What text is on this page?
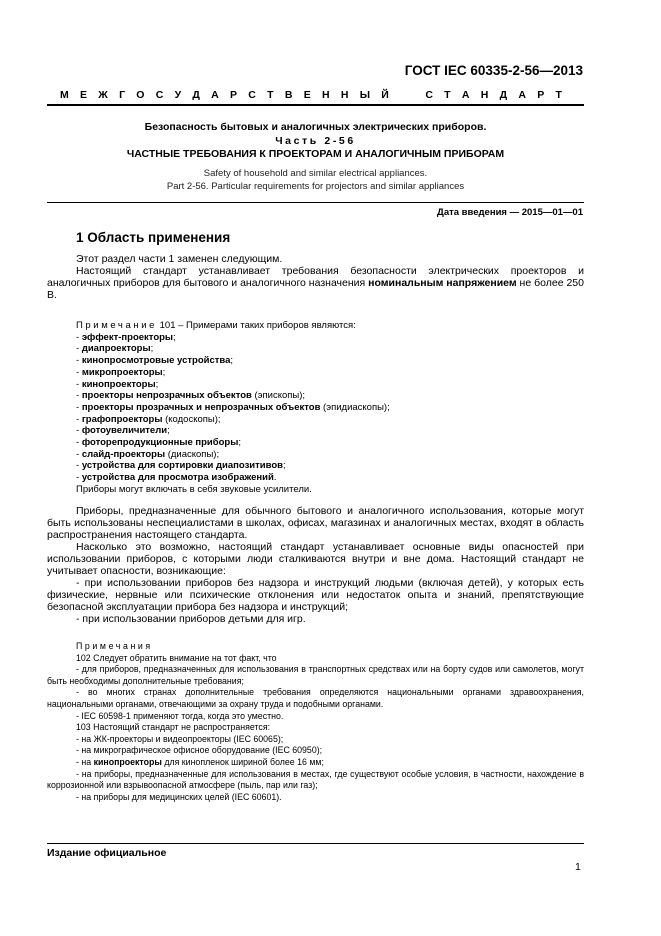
ГОСТ IEC 60335-2-56—2013
М Е Ж Г О С У Д А Р С Т В Е Н Н Ы Й	С Т А Н Д А Р Т
Безопасность бытовых и аналогичных электрических приборов.
Часть 2-56
ЧАСТНЫЕ ТРЕБОВАНИЯ К ПРОЕКТОРАМ И АНАЛОГИЧНЫМ ПРИБОРАМ
Safety of household and similar electrical appliances.
Part 2-56. Particular requirements for projectors and similar appliances
Дата введения — 2015—01—01
1 Область применения

Этот раздел части 1 заменен следующим.

Настоящий стандарт устанавливает требования безопасности электрических проекторов и аналогичных приборов для бытового и аналогичного назначения номинальным напряжением не более 250 В.

Примечание 101 – Примерами таких приборов являются:

- эффект-проекторы;

- диапроекторы;

- кинопросмотровые устройства;

- микропроекторы;

- кинопроекторы;

- проекторы непрозрачных объектов (эпископы);

- проекторы прозрачных и непрозрачных объектов (эпидиаскопы);

- графопроекторы (кодоскопы);

- фотоувеличители;

- фоторепродукционные приборы;

- слайд-проекторы (диаскопы);

- устройства для сортировки диапозитивов;

- устройства для просмотра изображений.

Приборы могут включать в себя звуковые усилители.

Приборы, предназначенные для обычного бытового и аналогичного использования, которые могут быть использованы неспециалистами в школах, офисах, магазинах и аналогичных местах, входят в область распространения настоящего стандарта.

Насколько это возможно, настоящий стандарт устанавливает основные виды опасностей при использовании приборов, с которыми люди сталкиваются внутри и вне дома. Настоящий стандарт не учитывает опасности, возникающие:

- при использовании приборов без надзора и инструкций людьми (включая детей), у которых есть физические, нервные или психические отклонения или недостаток опыта и знаний, препятствующие безопасной эксплуатации прибора без надзора и инструкций;

- при использовании приборов детьми для игр.

Примечания

102 Следует обратить внимание на тот факт, что

- для приборов, предназначенных для использования в транспортных средствах или на борту судов или самолетов, могут быть необходимы дополнительные требования;

- во многих странах дополнительные требования определяются национальными органами здравоохранения, национальными органами, отвечающими за охрану труда и подобными органами.

- IEC 60598-1 применяют тогда, когда это уместно.

103 Настоящий стандарт не распространяется:

- на ЖК-проекторы и видеопроекторы (IEC 60065);

- на микрографическое офисное оборудование (IEC 60950);

- на кинопроекторы для кинопленок шириной более 16 мм;

- на приборы, предназначенные для использования в местах, где существуют особые условия, в частности, нахождение в коррозионной или взрывоопасной атмосфере (пыль, пар или газ);

- на приборы для медицинских целей (IEC 60601).

Издание официальное
1
